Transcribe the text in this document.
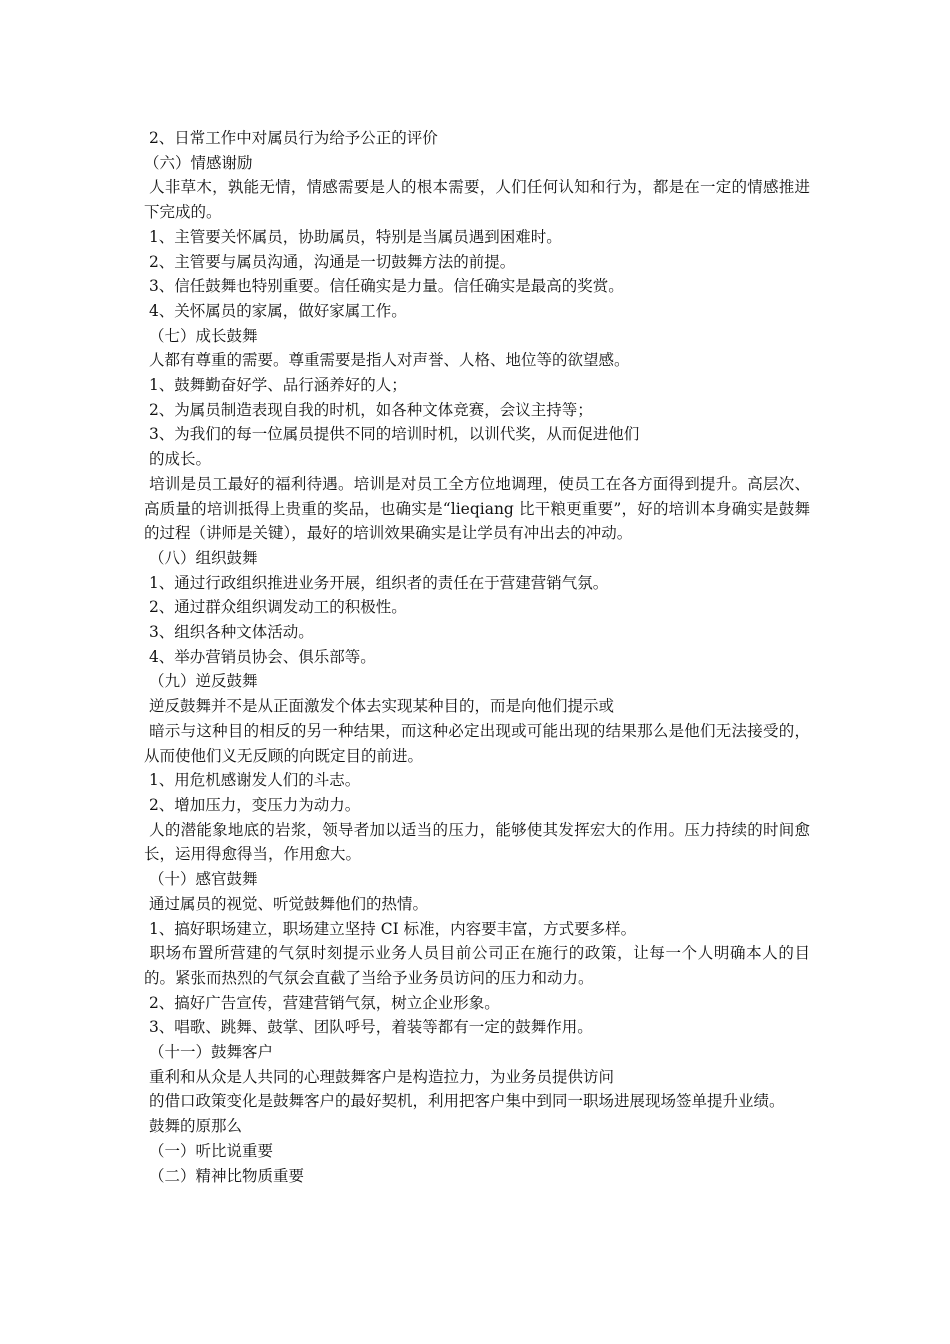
2、日常工作中对属员行为给予公正的评价

（六）情感谢励

人非草木，孰能无情，情感需要是人的根本需要，人们任何认知和行为，都是在一定的情感推进下完成的。

1、主管要关怀属员，协助属员，特别是当属员遇到困难时。

2、主管要与属员沟通，沟通是一切鼓舞方法的前提。

3、信任鼓舞也特别重要。信任确实是力量。信任确实是最高的奖赏。

4、关怀属员的家属，做好家属工作。

（七）成长鼓舞

人都有尊重的需要。尊重需要是指人对声誉、人格、地位等的欲望感。

1、鼓舞勤奋好学、品行涵养好的人；

2、为属员制造表现自我的时机，如各种文体竞赛，会议主持等；

3、为我们的每一位属员提供不同的培训时机，以训代奖，从而促进他们

的成长。

培训是员工最好的福利待遇。培训是对员工全方位地调理，使员工在各方面得到提升。高层次、高质量的培训抵得上贵重的奖品，也确实是“lieqiang 比干粮更重要”，好的培训本身确实是鼓舞的过程（讲师是关键），最好的培训效果确实是让学员有冲出去的冲动。

（八）组织鼓舞

1、通过行政组织推进业务开展，组织者的责任在于营建营销气氛。

2、通过群众组织调发动工的积极性。

3、组织各种文体活动。

4、举办营销员协会、俱乐部等。

（九）逆反鼓舞

逆反鼓舞并不是从正面激发个体去实现某种目的，而是向他们提示或

暗示与这种目的相反的另一种结果，而这种必定出现或可能出现的结果那么是他们无法接受的，从而使他们义无反顾的向既定目的前进。

1、用危机感谢发人们的斗志。

2、增加压力，变压力为动力。

人的潜能象地底的岩浆，领导者加以适当的压力，能够使其发挥宏大的作用。压力持续的时间愈长，运用得愈得当，作用愈大。

（十）感官鼓舞

通过属员的视觉、听觉鼓舞他们的热情。

1、搞好职场建立，职场建立坚持 CI 标准，内容要丰富，方式要多样。

职场布置所营建的气氛时刻提示业务人员目前公司正在施行的政策，让每一个人明确本人的目的。紧张而热烈的气氛会直截了当给予业务员访问的压力和动力。

2、搞好广告宣传，营建营销气氛，树立企业形象。

3、唱歌、跳舞、鼓掌、团队呼号，着装等都有一定的鼓舞作用。

（十一）鼓舞客户

重利和从众是人共同的心理鼓舞客户是构造拉力，为业务员提供访问

的借口政策变化是鼓舞客户的最好契机，利用把客户集中到同一职场进展现场签单提升业绩。

鼓舞的原那么

（一）听比说重要

（二）精神比物质重要
